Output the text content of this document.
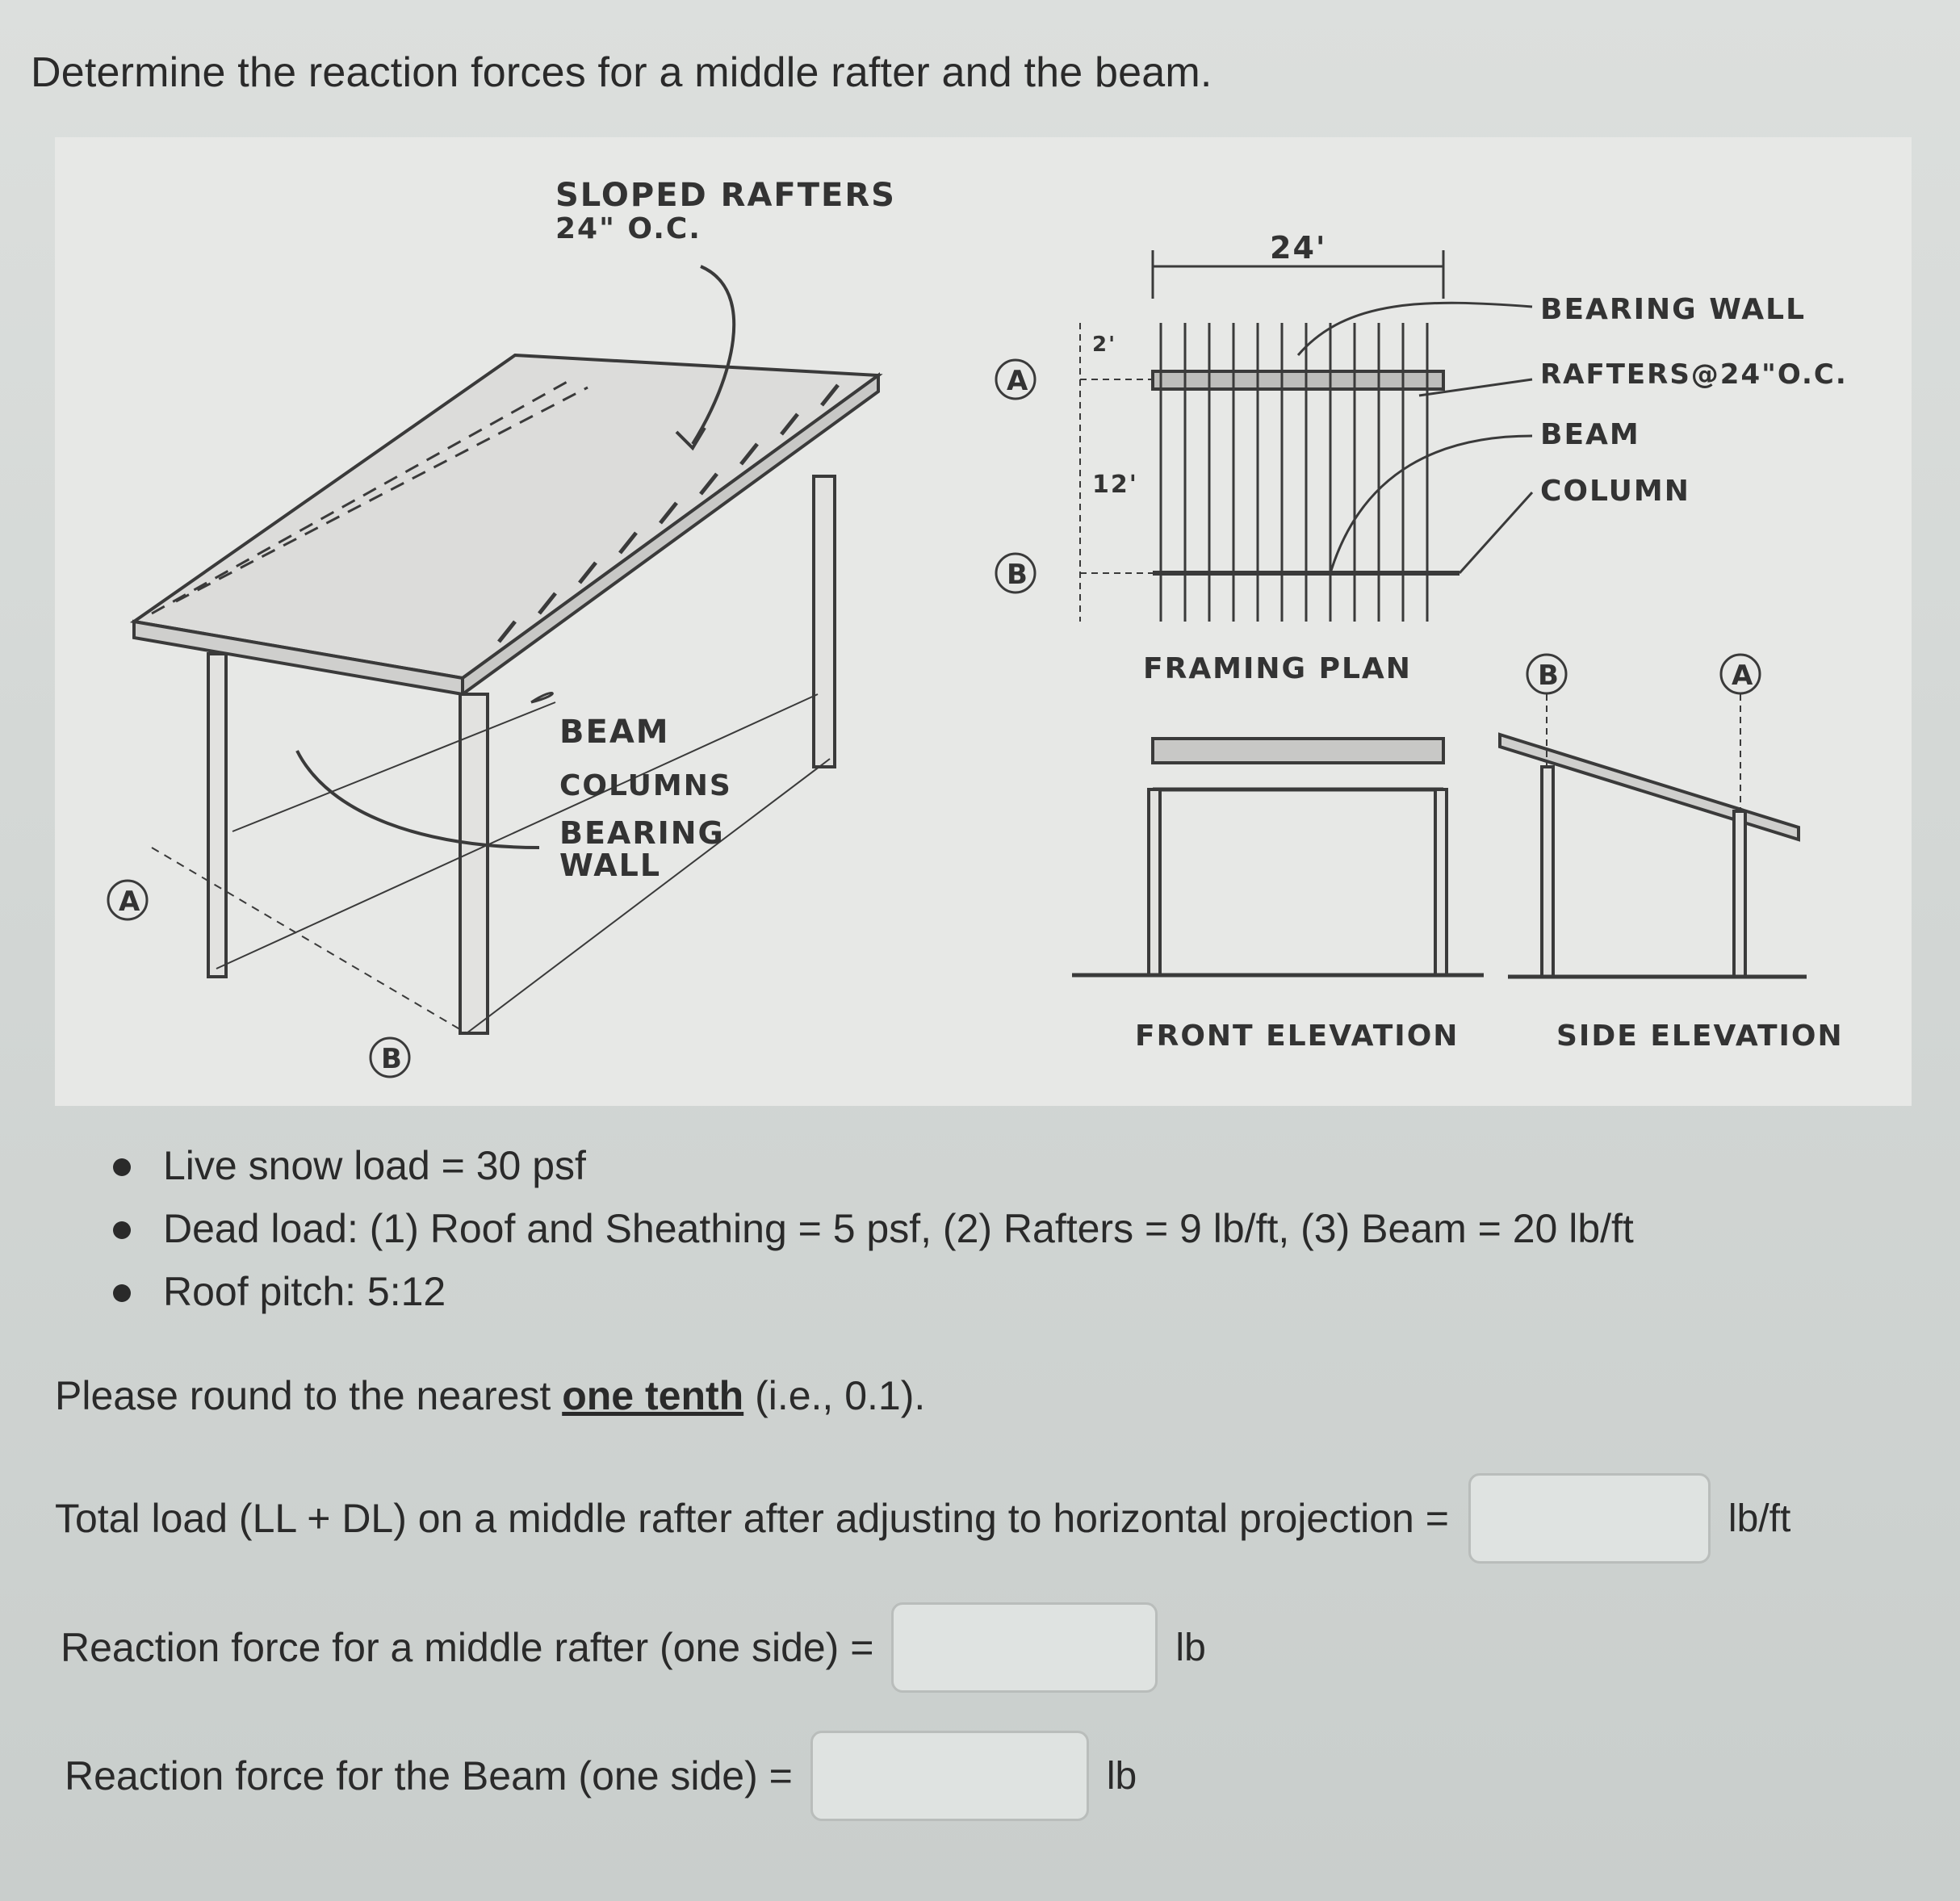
Determine the reaction forces for a middle rafter and the beam.
SLOPED RAFTERS
24" O.C.
BEAM
COLUMNS
BEARING
WALL
A
B
24'
12'
2'
A
B
BEARING WALL
RAFTERS@24"O.C.
BEAM
COLUMN
FRAMING PLAN	B	A
FRONT ELEVATION	SIDE ELEVATION
Live snow load = 30 psf
Dead load: (1) Roof and Sheathing = 5 psf, (2) Rafters = 9 lb/ft, (3) Beam = 20 lb/ft
Roof pitch: 5:12
Please round to the nearest one tenth (i.e., 0.1).
Total load (LL + DL) on a middle rafter after adjusting to horizontal projection =	lb/ft
Reaction force for a middle rafter (one side) =	lb
Reaction force for the Beam (one side) =	lb
